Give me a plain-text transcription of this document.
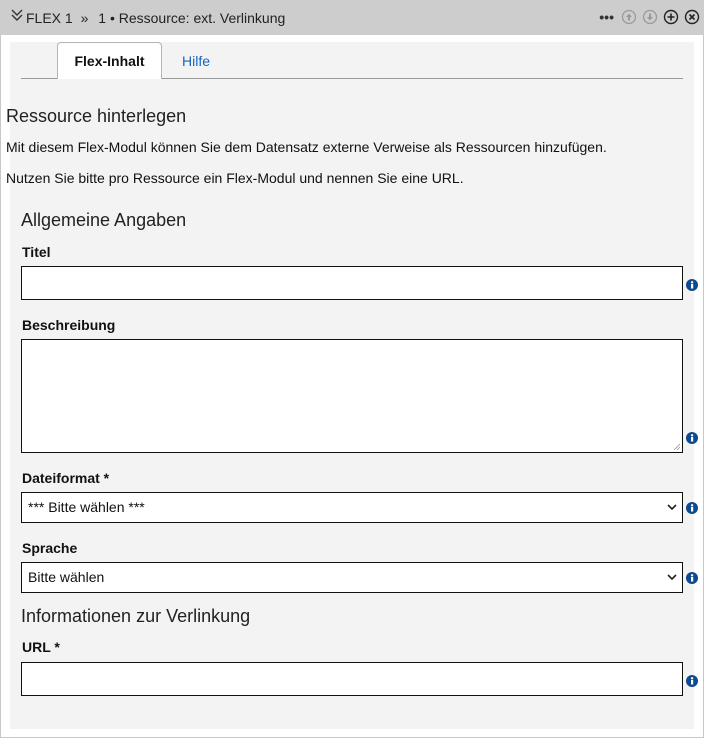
FLEX 1 » 1 • Ressource: ext. Verlinkung	•••
Flex-Inhalt	Hilfe
Ressource hinterlegen
Mit diesem Flex-Modul können Sie dem Datensatz externe Verweise als Ressourcen hinzufügen.
Nutzen Sie bitte pro Ressource ein Flex-Modul und nennen Sie eine URL.
Allgemeine Angaben
Titel
Beschreibung
Dateiformat *
*** Bitte wählen ***
Sprache
Bitte wählen
Informationen zur Verlinkung
URL *
